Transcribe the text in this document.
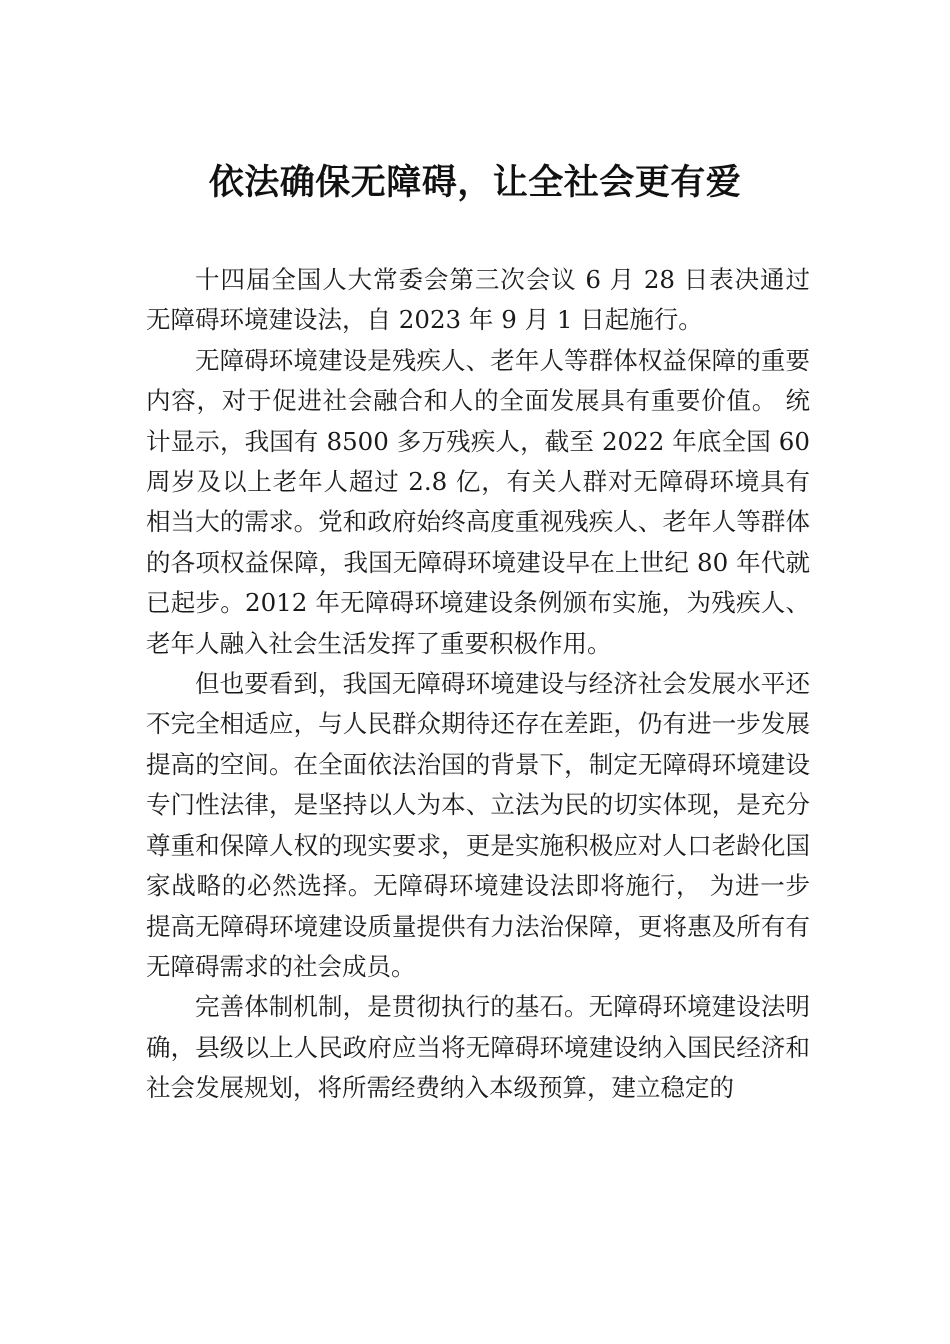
依法确保无障碍，让全社会更有爱

十四届全国人大常委会第三次会议 6 月 28 日表决通过无障碍环境建设法，自 2023 年 9 月 1 日起施行。

无障碍环境建设是残疾人、老年人等群体权益保障的重要内容，对于促进社会融合和人的全面发展具有重要价值。 统计显示，我国有 8500 多万残疾人，截至 2022 年底全国 60 周岁及以上老年人超过 2.8 亿，有关人群对无障碍环境具有相当大的需求。党和政府始终高度重视残疾人、老年人等群体的各项权益保障，我国无障碍环境建设早在上世纪 80 年代就已起步。2012 年无障碍环境建设条例颁布实施，为残疾人、老年人融入社会生活发挥了重要积极作用。

但也要看到，我国无障碍环境建设与经济社会发展水平还不完全相适应，与人民群众期待还存在差距，仍有进一步发展提高的空间。在全面依法治国的背景下，制定无障碍环境建设专门性法律，是坚持以人为本、立法为民的切实体现，是充分尊重和保障人权的现实要求，更是实施积极应对人口老龄化国家战略的必然选择。无障碍环境建设法即将施行， 为进一步提高无障碍环境建设质量提供有力法治保障，更将惠及所有有无障碍需求的社会成员。

完善体制机制，是贯彻执行的基石。无障碍环境建设法明确，县级以上人民政府应当将无障碍环境建设纳入国民经济和社会发展规划，将所需经费纳入本级预算，建立稳定的
